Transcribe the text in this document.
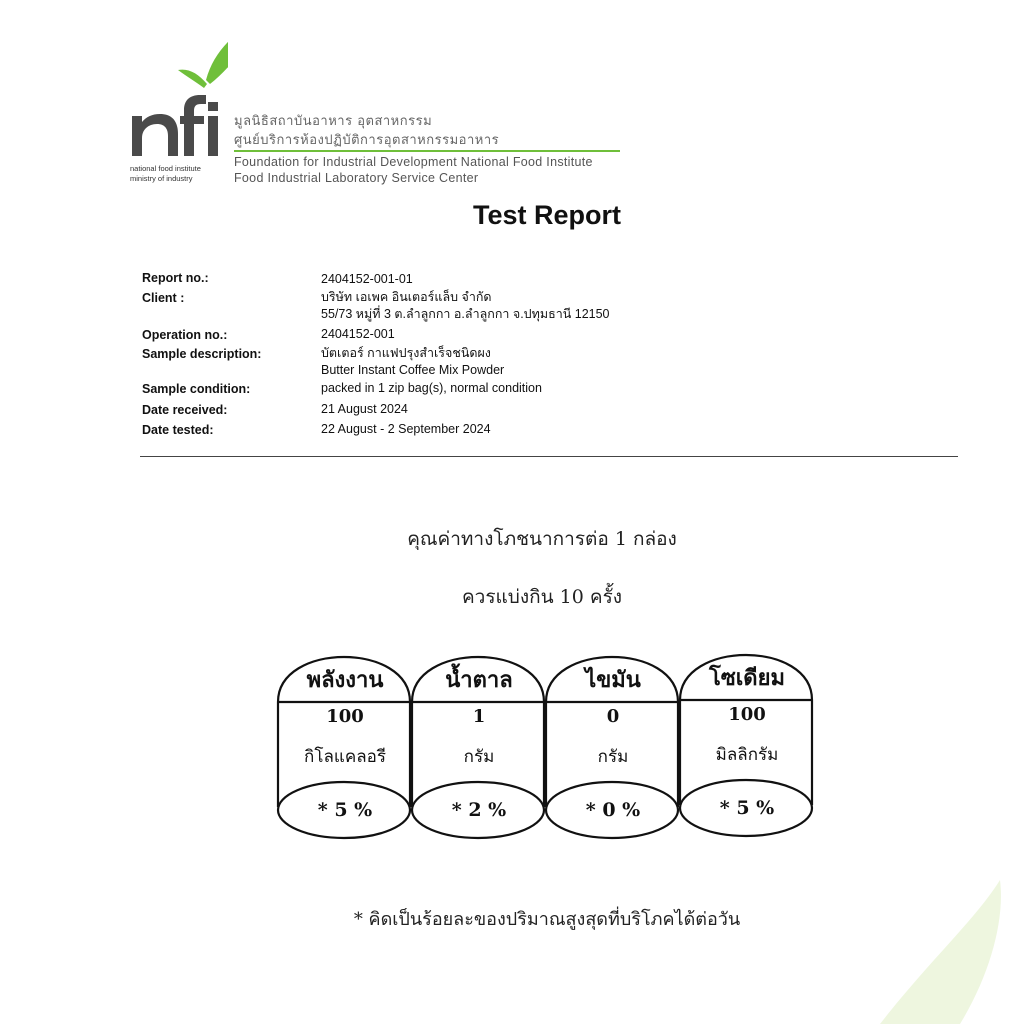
national food institute
ministry of industry
มูลนิธิสถาบันอาหาร อุตสาหกรรม
ศูนย์บริการห้องปฏิบัติการอุตสาหกรรมอาหาร
Foundation for Industrial Development National Food Institute
Food Industrial Laboratory Service Center
Test Report
Report no.:	2404152-001-01
Client :	บริษัท เอเพค อินเตอร์แล็บ จำกัด
55/73 หมู่ที่ 3 ต.ลำลูกกา อ.ลำลูกกา จ.ปทุมธานี 12150
Operation no.:	2404152-001
Sample description:	บัตเตอร์ กาแฟปรุงสำเร็จชนิดผง
Butter Instant Coffee Mix Powder
Sample condition:	packed in 1 zip bag(s), normal condition
Date received:	21 August 2024
Date tested:	22 August - 2 September 2024
คุณค่าทางโภชนาการต่อ 1 กล่อง
ควรแบ่งกิน 10 ครั้ง
พลังงาน
100
กิโลแคลอรี
* 5 %
น้ำตาล
1
กรัม
* 2 %
ไขมัน
0
กรัม
* 0 %
โซเดียม
100
มิลลิกรัม
* 5 %
* คิดเป็นร้อยละของปริมาณสูงสุดที่บริโภคได้ต่อวัน
